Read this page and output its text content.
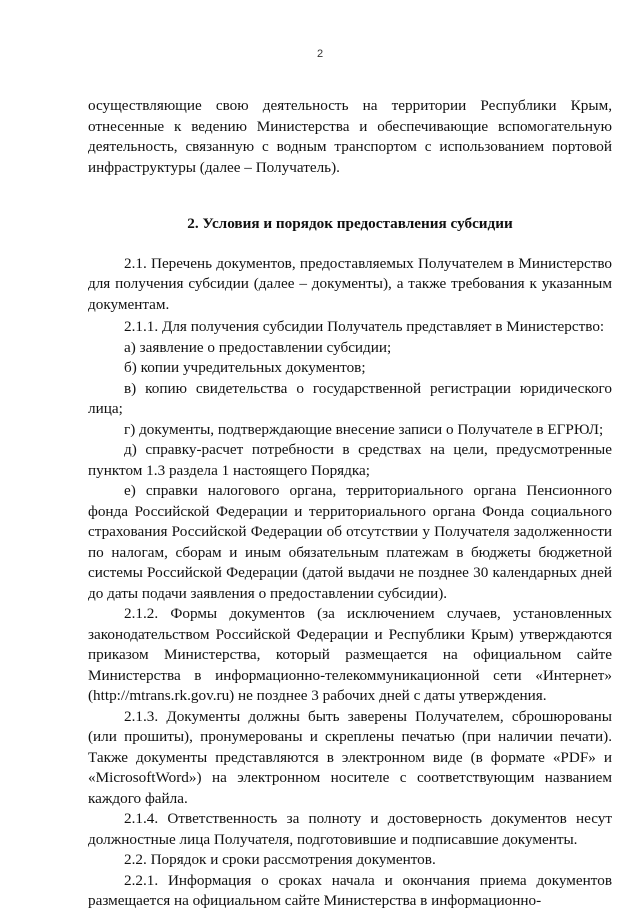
2

осуществляющие свою деятельность на территории Республики Крым, отнесенные к ведению Министерства и обеспечивающие вспомогательную деятельность, связанную с водным транспортом с использованием портовой инфраструктуры (далее – Получатель).

2. Условия и порядок предоставления субсидии

2.1. Перечень документов, предоставляемых Получателем в Министерство для получения субсидии (далее – документы), а также требования к указанным документам.

2.1.1. Для получения субсидии Получатель представляет в Министерство:

а) заявление о предоставлении субсидии;

б) копии учредительных документов;

в) копию свидетельства о государственной регистрации юридического лица;

г) документы, подтверждающие внесение записи о Получателе в ЕГРЮЛ;

д) справку-расчет потребности в средствах на цели, предусмотренные пунктом 1.3 раздела 1 настоящего Порядка;

е) справки налогового органа, территориального органа Пенсионного фонда Российской Федерации и территориального органа Фонда социального страхования Российской Федерации об отсутствии у Получателя задолженности по налогам, сборам и иным обязательным платежам в бюджеты бюджетной системы Российской Федерации (датой выдачи не позднее 30 календарных дней до даты подачи заявления о предоставлении субсидии).

2.1.2. Формы документов (за исключением случаев, установленных законодательством Российской Федерации и Республики Крым) утверждаются приказом Министерства, который размещается на официальном сайте Министерства в информационно-телекоммуникационной сети «Интернет» (http://mtrans.rk.gov.ru) не позднее 3 рабочих дней с даты утверждения.

2.1.3. Документы должны быть заверены Получателем, сброшюрованы (или прошиты), пронумерованы и скреплены печатью (при наличии печати). Также документы представляются в электронном виде (в формате «PDF» и «MicrosoftWord») на электронном носителе с соответствующим названием каждого файла.

2.1.4. Ответственность за полноту и достоверность документов несут должностные лица Получателя, подготовившие и подписавшие документы.

2.2. Порядок и сроки рассмотрения документов.

2.2.1. Информация о сроках начала и окончания приема документов размещается на официальном сайте Министерства в информационно-
